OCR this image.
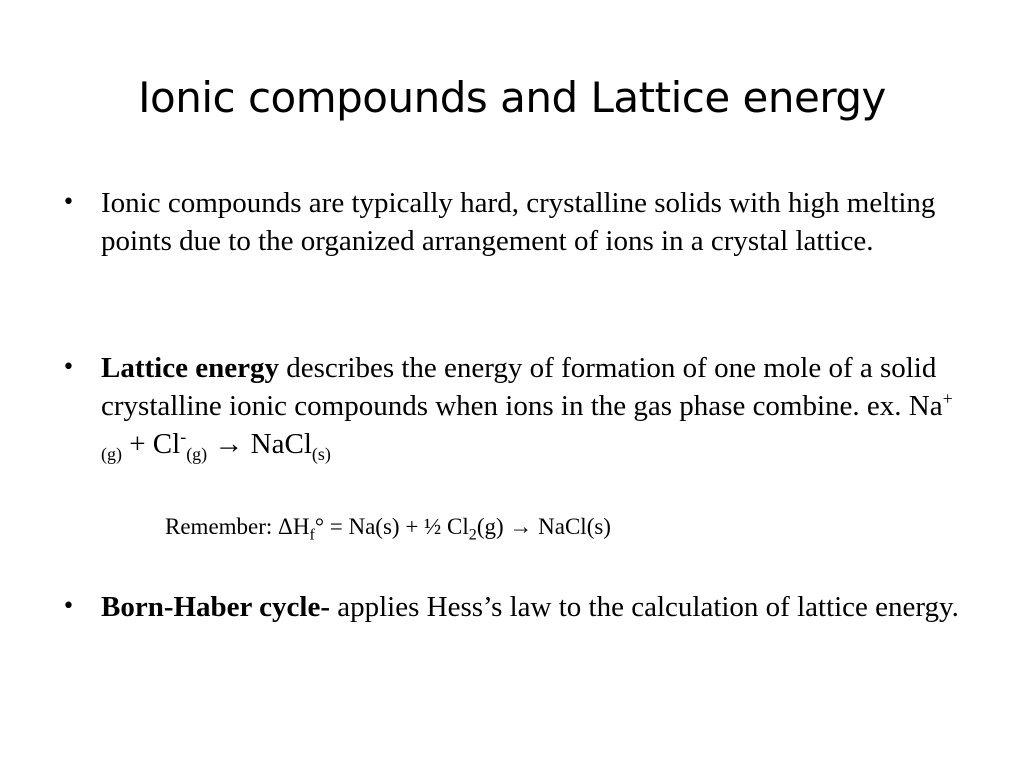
Ionic compounds and Lattice energy
• Ionic compounds are typically hard, crystalline solids with high melting points due to the organized arrangement of ions in a crystal lattice.
• Lattice energy describes the energy of formation of one mole of a solid crystalline ionic compounds when ions in the gas phase combine. ex. $Na^+_{(g)} + Cl^-_{(g)}$ → NaCl$_{(s)}$
Remember: $\Delta H_f^\circ = Na(s)$ + ½ $Cl_2(g)$ → NaCl(s)
• Born-Haber cycle- applies Hess’s law to the calculation of lattice energy.
